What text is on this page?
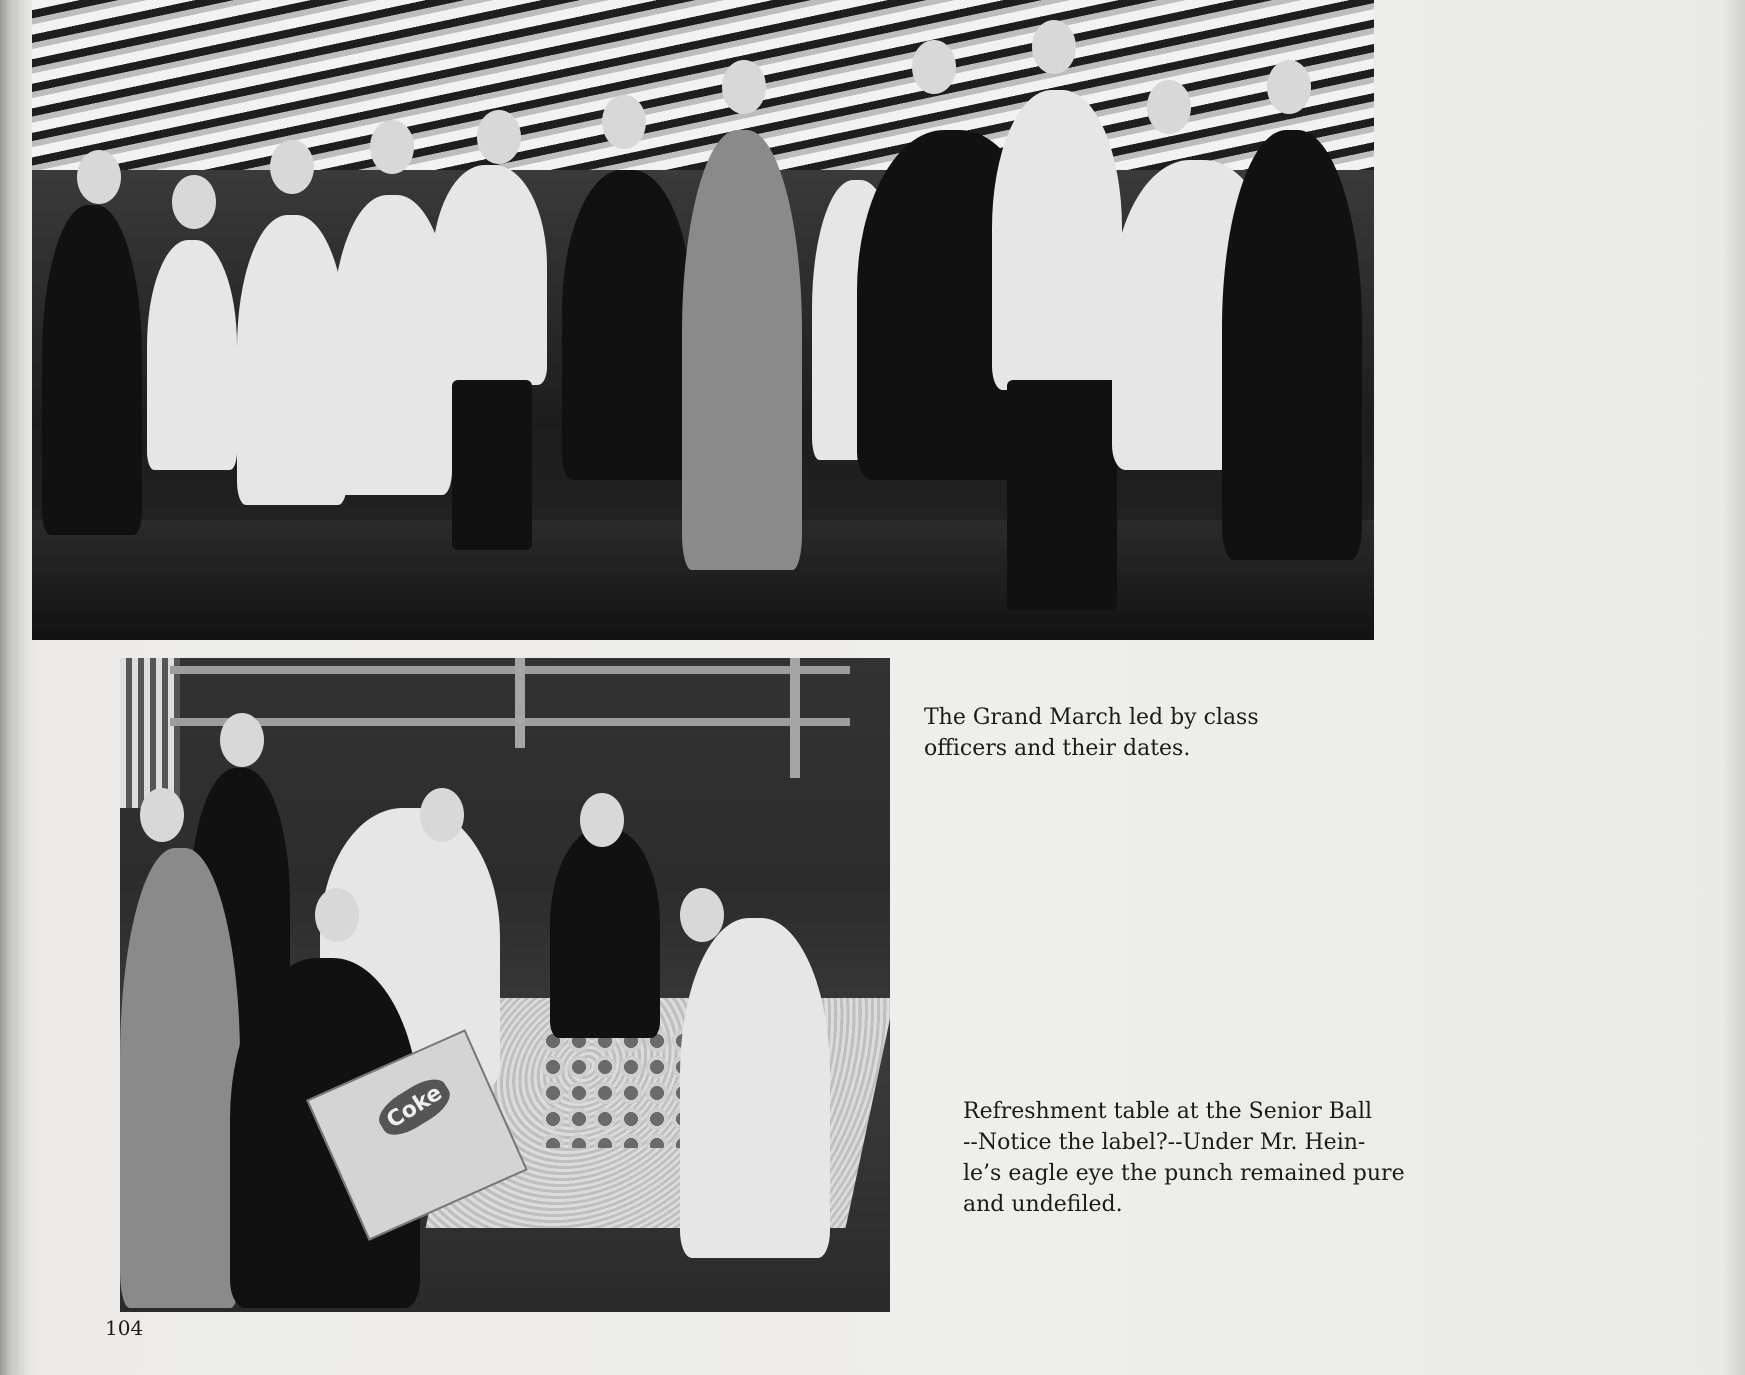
Coke

The Grand March led by class
officers and their dates.

Refreshment table at the Senior Ball
--Notice the label?--Under Mr. Hein-
le’s eagle eye the punch remained pure
and undefiled.

104
